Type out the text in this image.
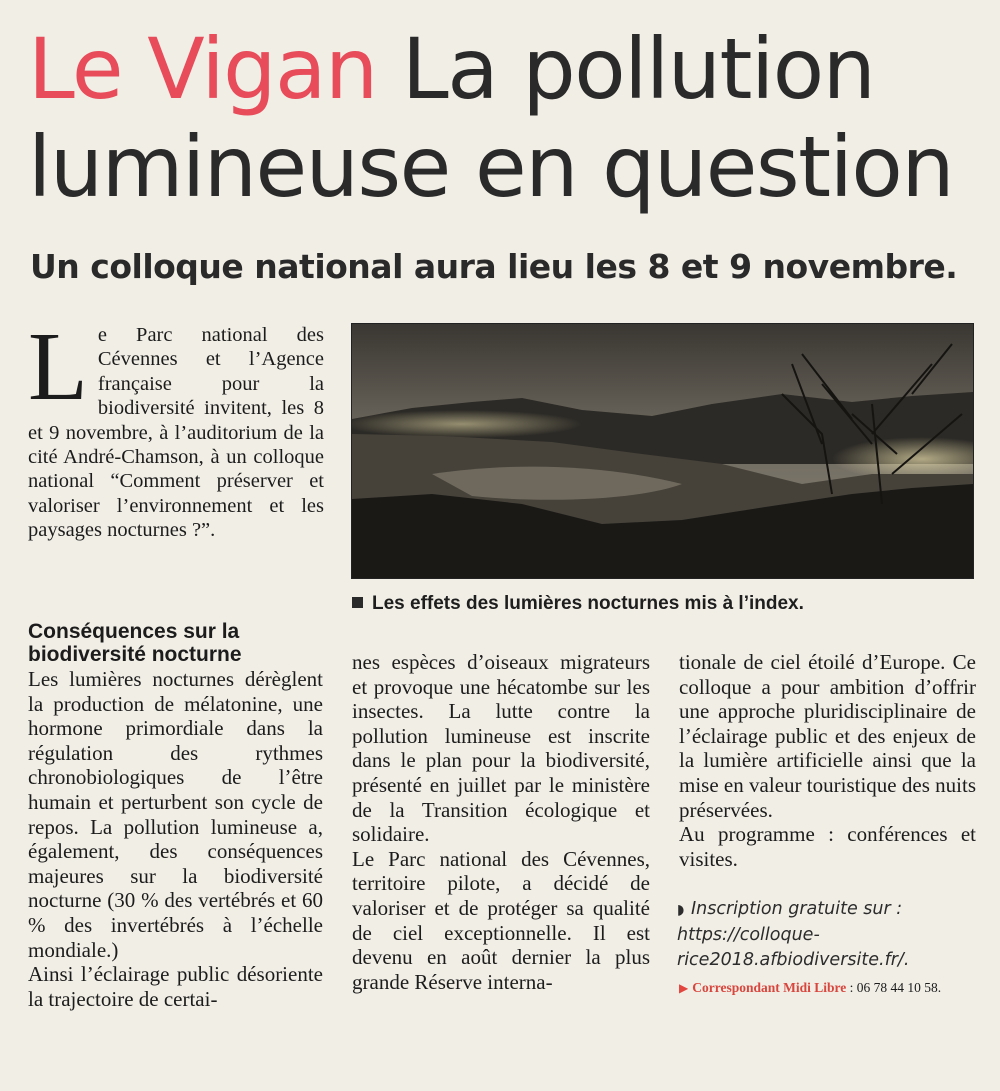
Le Vigan La pollution lumineuse en question
Un colloque national aura lieu les 8 et 9 novembre.

Le Parc national des Cévennes et l’Agence française pour la biodiversité invitent, les 8 et 9 novembre, à l’auditorium de la cité André-Chamson, à un colloque national “Comment préserver et valoriser l’environnement et les paysages nocturnes ?”.

Les effets des lumières nocturnes mis à l’index.

Conséquences sur la biodiversité nocturne

Les lumières nocturnes dérèglent la production de mélatonine, une hormone primordiale dans la régulation des rythmes chronobiologiques de l’être humain et perturbent son cycle de repos. La pollution lumineuse a, également, des conséquences majeures sur la biodiversité nocturne (30 % des vertébrés et 60 % des invertébrés à l’échelle mondiale.)

Ainsi l’éclairage public désoriente la trajectoire de certai-

nes espèces d’oiseaux migrateurs et provoque une hécatombe sur les insectes. La lutte contre la pollution lumineuse est inscrite dans le plan pour la biodiversité, présenté en juillet par le ministère de la Transition écologique et solidaire.

Le Parc national des Cévennes, territoire pilote, a décidé de valoriser et de protéger sa qualité de ciel exceptionnelle. Il est devenu en août dernier la plus grande Réserve interna-

tionale de ciel étoilé d’Europe. Ce colloque a pour ambition d’offrir une approche pluridisciplinaire de l’éclairage public et des enjeux de la lumière artificielle ainsi que la mise en valeur touristique des nuits préservées.

Au programme : conférences et visites.

◗ Inscription gratuite sur :
https://colloque-
rice2018.afbiodiversite.fr/.
▶ Correspondant Midi Libre : 06 78 44 10 58.
